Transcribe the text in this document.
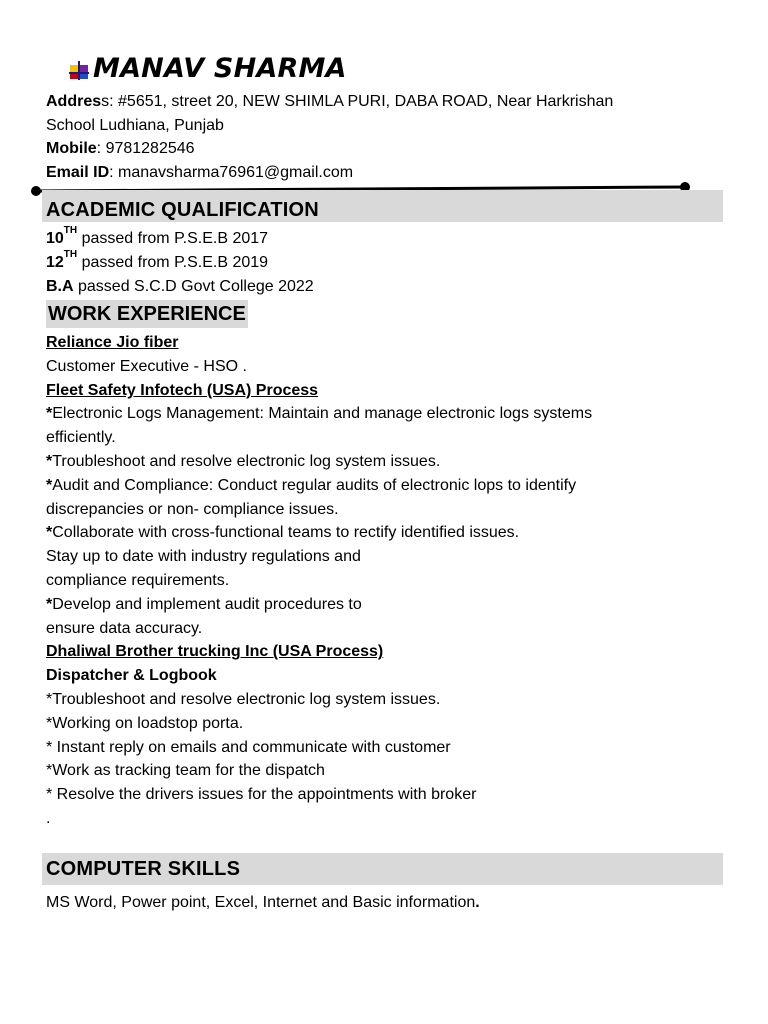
MANAV SHARMA
Address: #5651, street 20, NEW SHIMLA PURI, DABA ROAD, Near Harkrishan
School Ludhiana, Punjab
Mobile: 9781282546
Email ID: manavsharma76961@gmail.com
ACADEMIC QUALIFICATION

10TH passed from P.S.E.B 2017

12TH passed from P.S.E.B 2019

B.A passed S.C.D Govt College 2022

WORK EXPERIENCE

Reliance Jio fiber

Customer Executive - HSO .

Fleet Safety Infotech (USA) Process

*Electronic Logs Management: Maintain and manage electronic logs systems

efficiently.

*Troubleshoot and resolve electronic log system issues.

*Audit and Compliance: Conduct regular audits of electronic lops to identify

discrepancies or non- compliance issues.

*Collaborate with cross-functional teams to rectify identified issues.

Stay up to date with industry regulations and

compliance requirements.

*Develop and implement audit procedures to

ensure data accuracy.

Dhaliwal Brother trucking Inc (USA Process)

Dispatcher & Logbook

*Troubleshoot and resolve electronic log system issues.

*Working on loadstop porta.

* Instant reply on emails and communicate with customer

*Work as tracking team for the dispatch

* Resolve the drivers issues for the appointments with broker

.

COMPUTER SKILLS

MS Word, Power point, Excel, Internet and Basic information.
